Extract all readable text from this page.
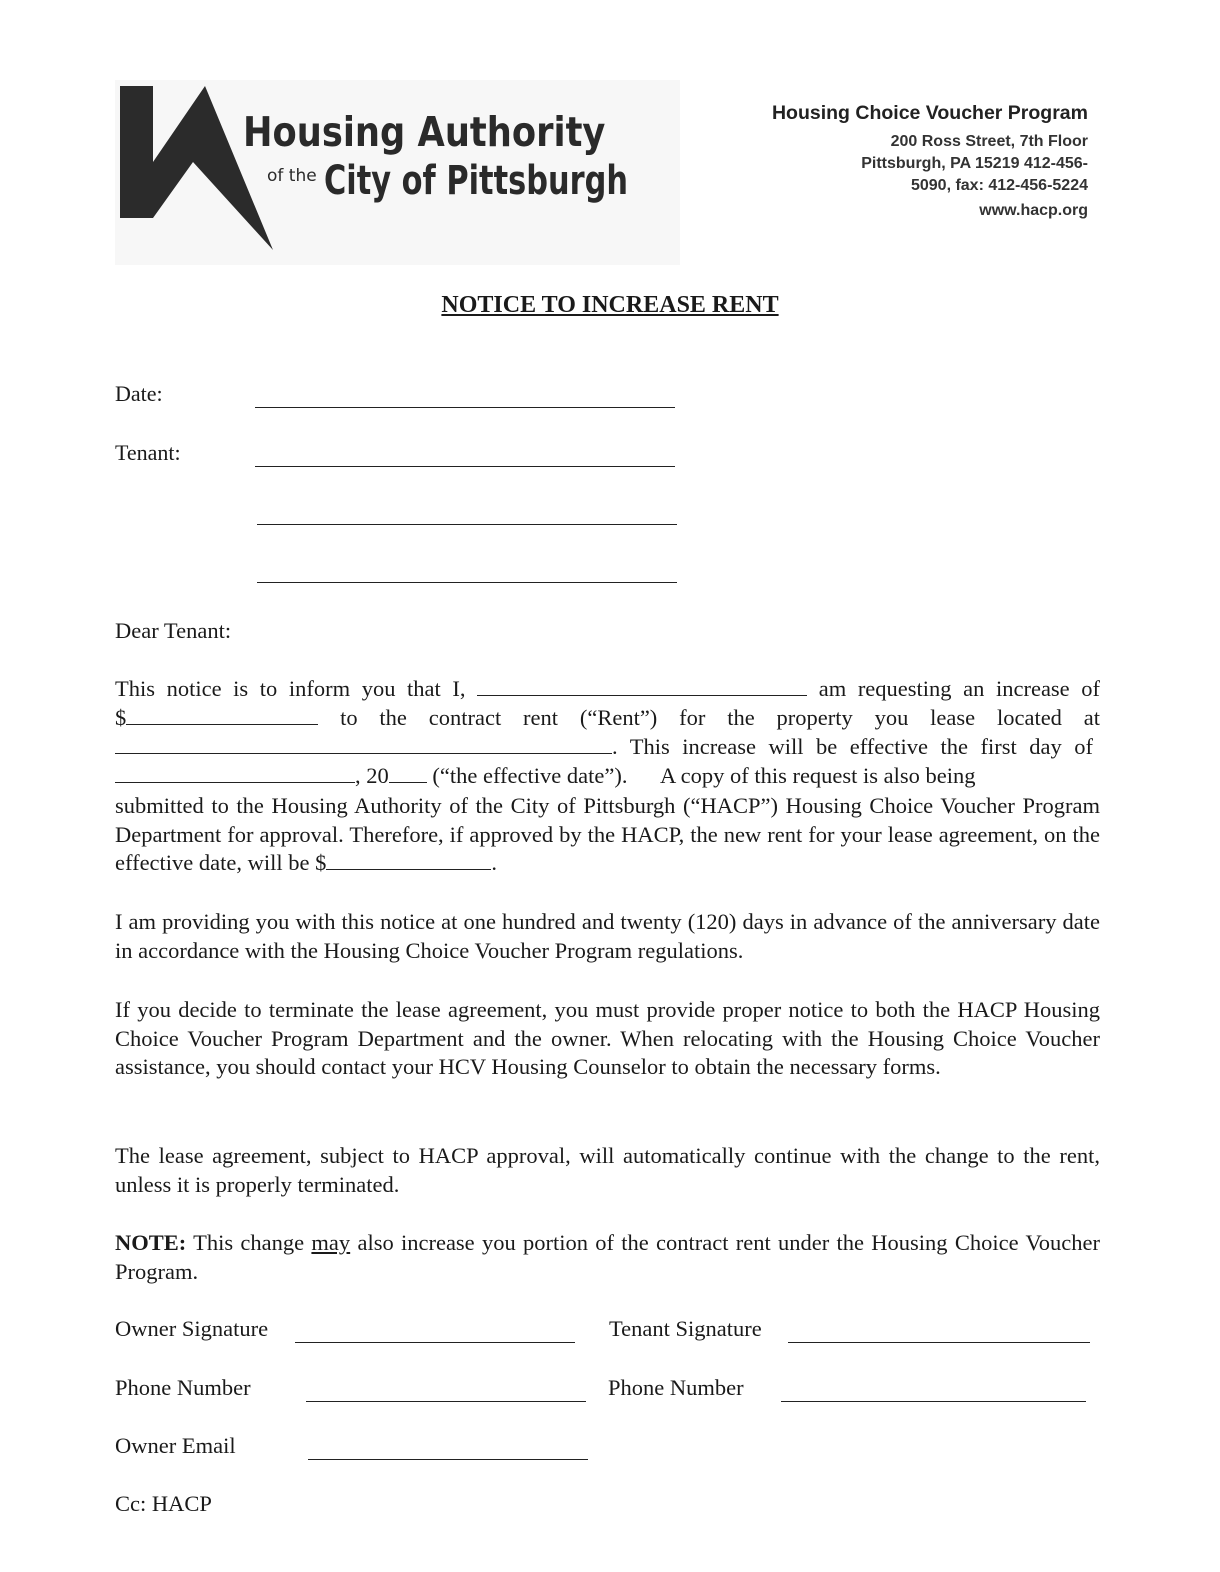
Housing Authority
of the City of Pittsburgh
Housing Choice Voucher Program
200 Ross Street, 7th Floor
Pittsburgh, PA 15219 412-456-
5090, fax: 412-456-5224
www.hacp.org
NOTICE TO INCREASE RENT
Date:
Tenant:
Dear Tenant:
This notice is to inform you that I,	am requesting an increase of
$	to the contract rent (“Rent”) for the property you lease located at
. This increase will be effective the first day of
, 20 (“the effective date”).      A copy of this request is also being
submitted to the Housing Authority of the City of Pittsburgh (“HACP”) Housing Choice Voucher Program Department for approval. Therefore, if approved by the HACP, the new rent for your lease agreement, on the effective date, will be $	.
I am providing you with this notice at one hundred and twenty (120) days in advance of the anniversary date in accordance with the Housing Choice Voucher Program regulations.
If you decide to terminate the lease agreement, you must provide proper notice to both the HACP Housing Choice Voucher Program Department and the owner. When relocating with the Housing Choice Voucher assistance, you should contact your HCV Housing Counselor to obtain the necessary forms.
The lease agreement, subject to HACP approval, will automatically continue with the change to the rent, unless it is properly terminated.
NOTE: This change may also increase you portion of the contract rent under the Housing Choice Voucher Program.
Owner Signature	Tenant Signature
Phone Number	Phone Number
Owner Email
Cc: HACP
